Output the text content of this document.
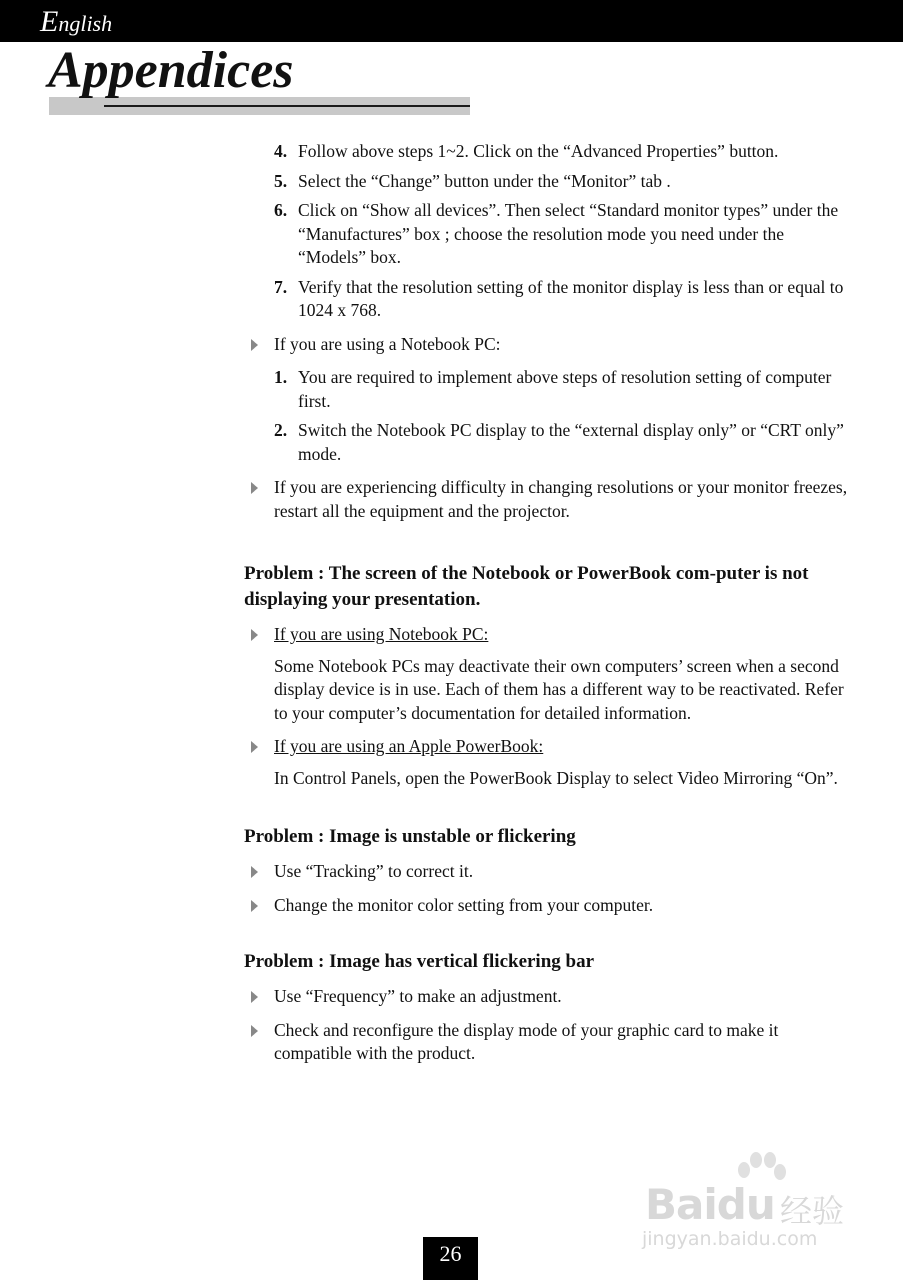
English
Appendices
4. Follow above steps 1~2. Click on the “Advanced Properties” button.
5. Select the “Change” button under the “Monitor” tab .
6. Click on “Show all devices”. Then select “Standard monitor types” under the “Manufactures” box ; choose the resolution mode you need under the “Models” box.
7. Verify that the resolution setting of the monitor display is less than or equal to 1024 x 768.
If you are using a Notebook PC:
1. You are required to implement above steps of resolution setting of computer first.
2. Switch the Notebook PC display to the “external display only” or “CRT only” mode.
If you are experiencing difficulty in changing resolutions or your monitor freezes, restart all the equipment and the projector.
Problem : The screen of the Notebook or PowerBook com-puter is not displaying your presentation.
If you are using Notebook PC:
Some Notebook PCs may deactivate their own computers’ screen when a second display device is in use. Each of them has a different way to be reactivated. Refer to your computer’s documentation for detailed information.
If you are using an Apple PowerBook:
In Control Panels, open the PowerBook Display to select Video Mirroring “On”.
Problem : Image is unstable or flickering
Use “Tracking” to correct it.
Change the monitor color setting from your computer.
Problem : Image has vertical flickering bar
Use “Frequency” to make an adjustment.
Check and reconfigure the display mode of your graphic card to make it compatible with the product.
Baidu 经验
jingyan.baidu.com
26
